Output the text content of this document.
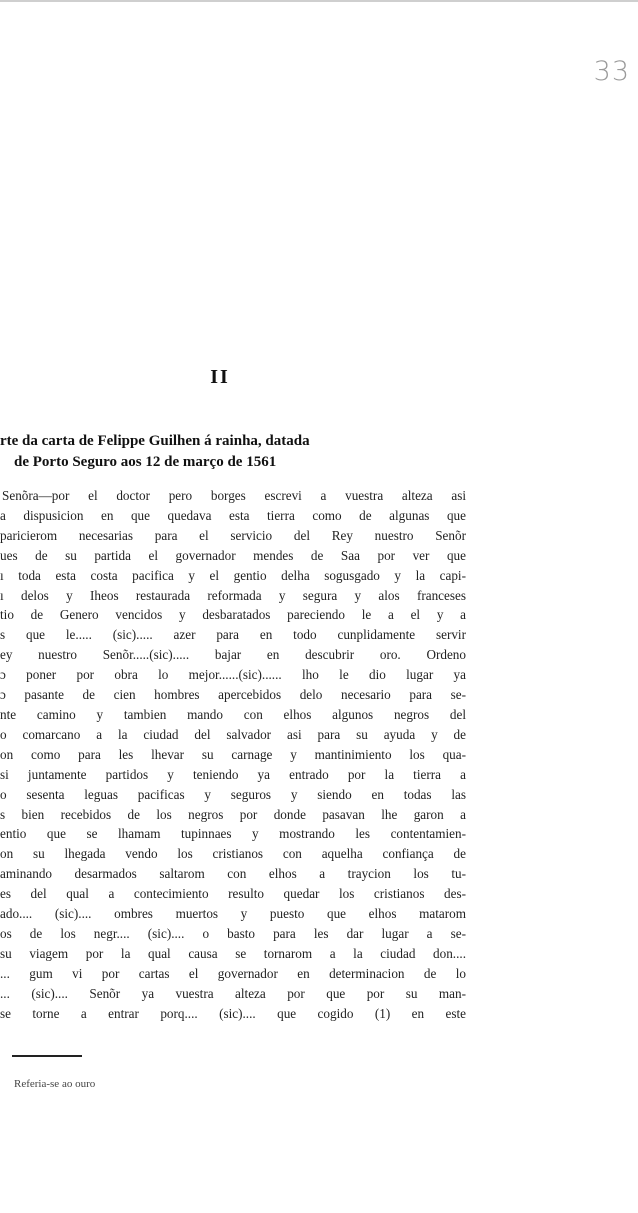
33
II
rte da carta de Felippe Guilhen á rainha, datada
de Porto Seguro aos 12 de março de 1561
Senõra—por el doctor pero borges escrevi a vuestra alteza asi
a dispusicion en que quedava esta tierra como de algunas que
paricierom necesarias para el servicio del Rey nuestro Senõr
ues de su partida el governador mendes de Saa por ver que
ı toda esta costa pacifica y el gentio delha sogusgado y la capi-
ı delos y Iheos restaurada reformada y segura y alos franceses
tio de Genero vencidos y desbaratados pareciendo le a el y a
s que le..... (sic)..... azer para en todo cunplidamente servir
ey nuestro Senõr.....(sic)..... bajar en descubrir oro. Ordeno
ɔ poner por obra lo mejor......(sic)...... lho le dio lugar ya
ɔ pasante de cien hombres apercebidos delo necesario para se-
nte camino y tambien mando con elhos algunos negros del
o comarcano a la ciudad del salvador asi para su ayuda y de
on como para les lhevar su carnage y mantinimiento los qua-
si juntamente partidos y teniendo ya entrado por la tierra a
o sesenta leguas pacificas y seguros y siendo en todas las
s bien recebidos de los negros por donde pasavan lhe garon a
entio que se lhamam tupinnaes y mostrando les contentamien-
on su lhegada vendo los cristianos con aquelha confiança de
aminando desarmados saltarom con elhos a traycion los tu-
es del qual a contecimiento resulto quedar los cristianos des-
ado.... (sic).... ombres muertos y puesto que elhos matarom
os de los negr.... (sic).... o basto para les dar lugar a se-
su viagem por la qual causa se tornarom a la ciudad don....
... gum vi por cartas el governador en determinacion de lo
... (sic).... Senõr ya vuestra alteza por que por su man-
se torne a entrar porq.... (sic).... que cogido (1) en este
Referia-se ao ouro
